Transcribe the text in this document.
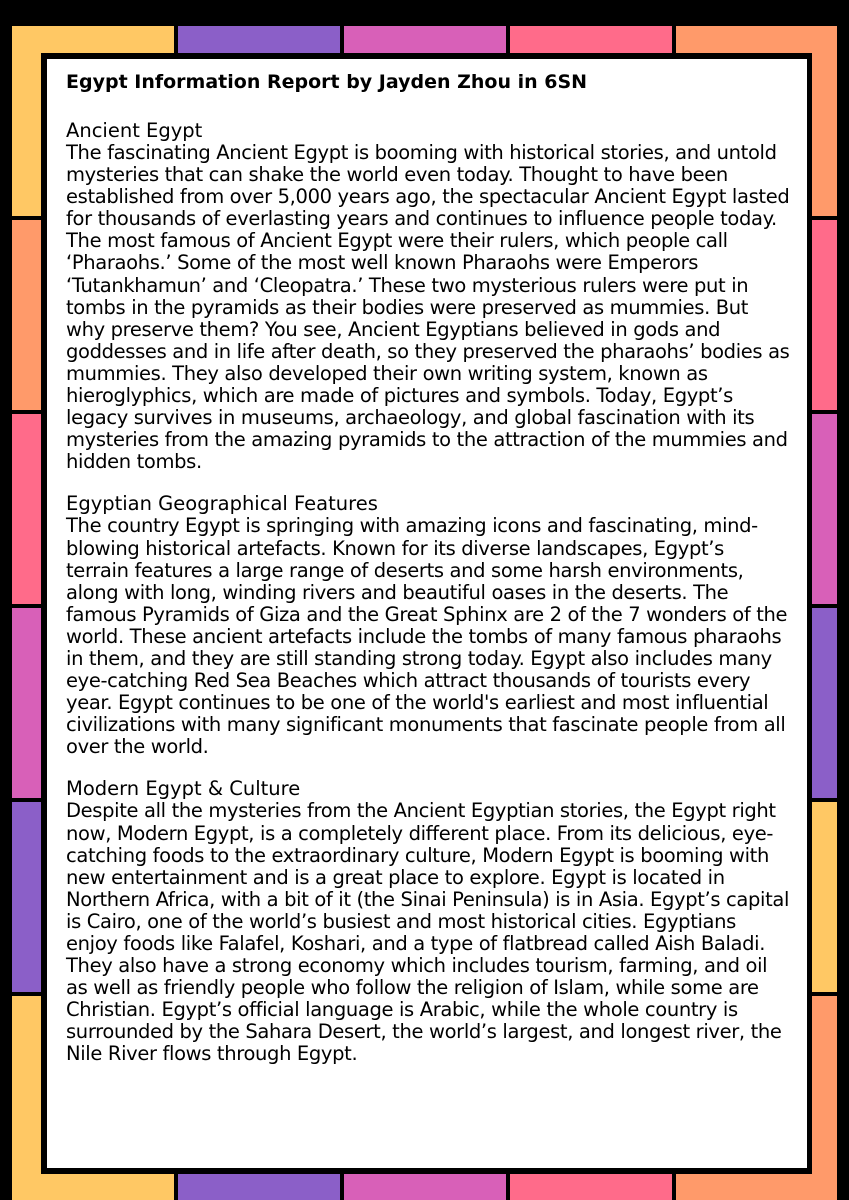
Egypt Information Report by Jayden Zhou in 6SN
Ancient Egypt
The fascinating Ancient Egypt is booming with historical stories, and untold mysteries that can shake the world even today. Thought to have been established from over 5,000 years ago, the spectacular Ancient Egypt lasted for thousands of everlasting years and continues to influence people today. The most famous of Ancient Egypt were their rulers, which people call ‘Pharaohs.’ Some of the most well known Pharaohs were Emperors ‘Tutankhamun’ and ‘Cleopatra.’ These two mysterious rulers were put in tombs in the pyramids as their bodies were preserved as mummies. But why preserve them? You see, Ancient Egyptians believed in gods and goddesses and in life after death, so they preserved the pharaohs’ bodies as mummies. They also developed their own writing system, known as hieroglyphics, which are made of pictures and symbols. Today, Egypt’s legacy survives in museums, archaeology, and global fascination with its mysteries from the amazing pyramids to the attraction of the mummies and hidden tombs.
Egyptian Geographical Features
The country Egypt is springing with amazing icons and fascinating, mind-blowing historical artefacts. Known for its diverse landscapes, Egypt’s terrain features a large range of deserts and some harsh environments, along with long, winding rivers and beautiful oases in the deserts. The famous Pyramids of Giza and the Great Sphinx are 2 of the 7 wonders of the world. These ancient artefacts include the tombs of many famous pharaohs in them, and they are still standing strong today. Egypt also includes many eye-catching Red Sea Beaches which attract thousands of tourists every year. Egypt continues to be one of the world's earliest and most influential civilizations with many significant monuments that fascinate people from all over the world.
Modern Egypt & Culture
Despite all the mysteries from the Ancient Egyptian stories, the Egypt right now, Modern Egypt, is a completely different place. From its delicious, eye-catching foods to the extraordinary culture, Modern Egypt is booming with new entertainment and is a great place to explore. Egypt is located in Northern Africa, with a bit of it (the Sinai Peninsula) is in Asia. Egypt’s capital is Cairo, one of the world’s busiest and most historical cities. Egyptians enjoy foods like Falafel, Koshari, and a type of flatbread called Aish Baladi. They also have a strong economy which includes tourism, farming, and oil as well as friendly people who follow the religion of Islam, while some are Christian. Egypt’s official language is Arabic, while the whole country is surrounded by the Sahara Desert, the world’s largest, and longest river, the Nile River flows through Egypt.
